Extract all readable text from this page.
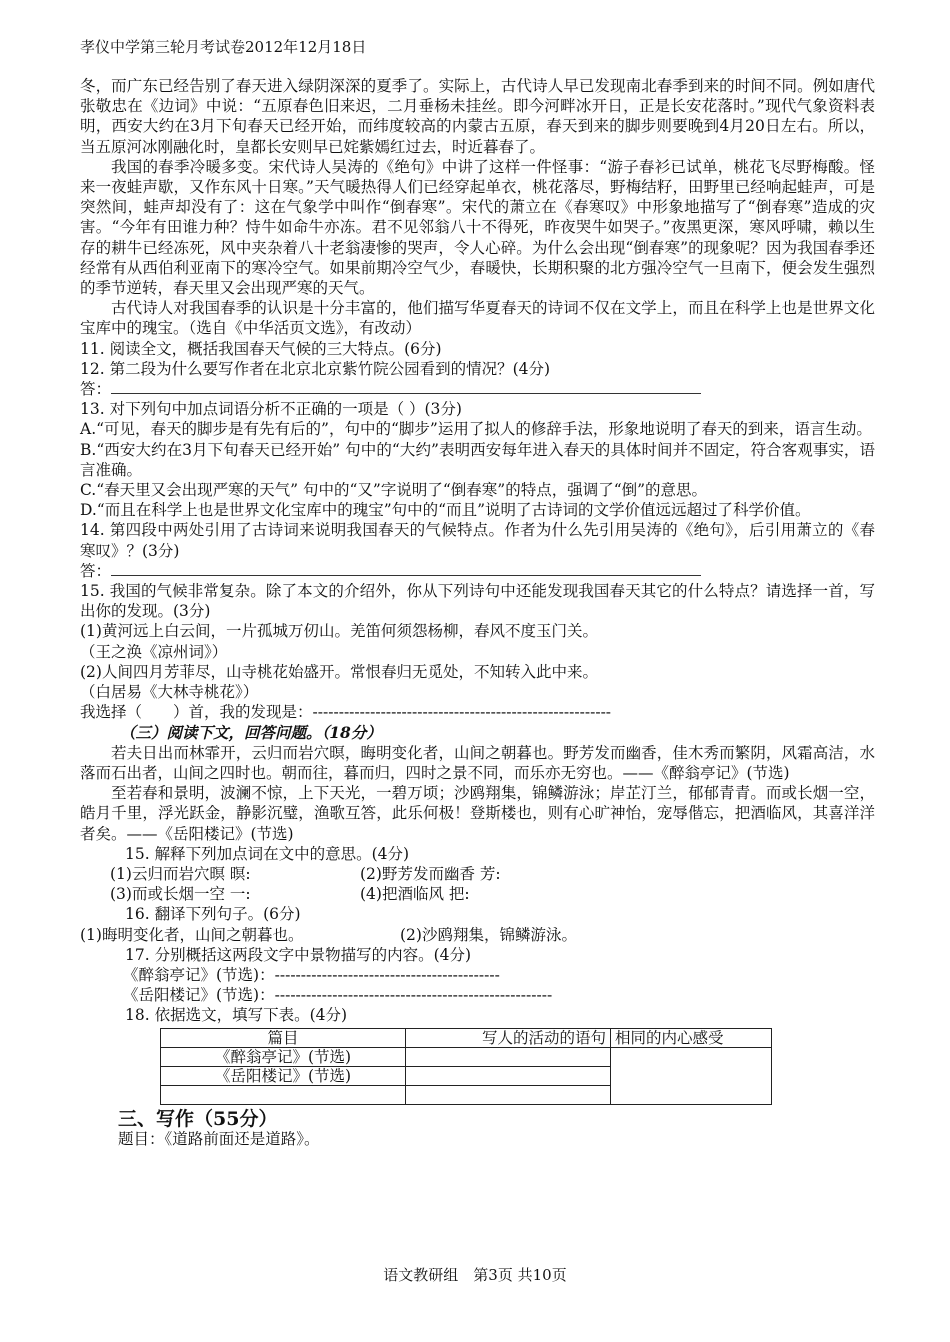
孝仪中学第三轮月考试卷2012年12月18日

冬，而广东已经告别了春天进入绿阴深深的夏季了。实际上，古代诗人早已发现南北春季到来的时间不同。例如唐代张敬忠在《边词》中说：“五原春色旧来迟，二月垂杨未挂丝。即今河畔冰开日，正是长安花落时。”现代气象资料表明，西安大约在3月下旬春天已经开始，而纬度较高的内蒙古五原，春天到来的脚步则要晚到4月20日左右。所以，当五原河冰刚融化时，皇都长安则早已姹紫嫣红过去，时近暮春了。

我国的春季冷暖多变。宋代诗人吴涛的《绝句》中讲了这样一件怪事：“游子春衫已试单，桃花飞尽野梅酸。怪来一夜蛙声歇，又作东风十日寒。”天气暖热得人们已经穿起单衣，桃花落尽，野梅结籽，田野里已经响起蛙声，可是突然间，蛙声却没有了：这在气象学中叫作“倒春寒”。宋代的萧立在《春寒叹》中形象地描写了“倒春寒”造成的灾害。“今年有田谁力种？恃牛如命牛亦冻。君不见邻翁八十不得死，昨夜哭牛如哭子。”夜黑更深，寒风呼啸，赖以生存的耕牛已经冻死，风中夹杂着八十老翁凄惨的哭声，令人心碎。为什么会出现“倒春寒”的现象呢？因为我国春季还经常有从西伯利亚南下的寒冷空气。如果前期冷空气少，春暖快，长期积聚的北方强冷空气一旦南下，便会发生强烈的季节逆转，春天里又会出现严寒的天气。

古代诗人对我国春季的认识是十分丰富的，他们描写华夏春天的诗词不仅在文学上，而且在科学上也是世界文化宝库中的瑰宝。（选自《中华活页文选》，有改动）

11. 阅读全文，概括我国春天气候的三大特点。(6分)

12. 第二段为什么要写作者在北京北京紫竹院公园看到的情况？(4分)

答：

13. 对下列句中加点词语分析不正确的一项是（ ）(3分)

A.“可见，春天的脚步是有先有后的”，句中的“脚步”运用了拟人的修辞手法，形象地说明了春天的到来，语言生动。

B.“西安大约在3月下旬春天已经开始” 句中的“大约”表明西安每年进入春天的具体时间并不固定，符合客观事实，语言准确。

C.“春天里又会出现严寒的天气” 句中的“又”字说明了“倒春寒”的特点，强调了“倒”的意思。

D.“而且在科学上也是世界文化宝库中的瑰宝”句中的“而且”说明了古诗词的文学价值远远超过了科学价值。

14. 第四段中两处引用了古诗词来说明我国春天的气候特点。作者为什么先引用吴涛的《绝句》，后引用萧立的《春寒叹》？(3分)

答：

15. 我国的气候非常复杂。除了本文的介绍外，你从下列诗句中还能发现我国春天其它的什么特点？请选择一首，写出你的发现。(3分)

(1)黄河远上白云间，一片孤城万仞山。羌笛何须怨杨柳，春风不度玉门关。

（王之涣《凉州词》）

(2)人间四月芳菲尽，山寺桃花始盛开。常恨春归无觅处，不知转入此中来。

（白居易《大林寺桃花》）

我选择（　　）首，我的发现是：---------------------------------------------------------

（三）阅读下文，回答问题。（18分）

若夫日出而林霏开，云归而岩穴暝，晦明变化者，山间之朝暮也。野芳发而幽香，佳木秀而繁阴，风霜高洁，水落而石出者，山间之四时也。朝而往，暮而归，四时之景不同，而乐亦无穷也。——《醉翁亭记》(节选)

至若春和景明，波澜不惊，上下天光，一碧万顷；沙鸥翔集，锦鳞游泳；岸芷汀兰，郁郁青青。而或长烟一空，皓月千里，浮光跃金，静影沉璧，渔歌互答，此乐何极！登斯楼也，则有心旷神怡，宠辱偕忘，把酒临风，其喜洋洋者矣。——《岳阳楼记》(节选)

15. 解释下列加点词在文中的意思。(4分)

(1)云归而岩穴暝 暝:	(2)野芳发而幽香 芳:

(3)而或长烟一空 一:	(4)把酒临风 把:

16. 翻译下列句子。(6分)

(1)晦明变化者，山间之朝暮也。	(2)沙鸥翔集，锦鳞游泳。

17. 分别概括这两段文字中景物描写的内容。(4分)

《醉翁亭记》(节选)：-------------------------------------------

《岳阳楼记》(节选)：-----------------------------------------------------

18. 依据选文，填写下表。(4分)

篇目	写人的活动的语句	相同的内心感受
《醉翁亭记》(节选)		
《岳阳楼记》(节选)		

三、写作（55分）

题目：《道路前面还是道路》。

语文教研组　第3页 共10页
